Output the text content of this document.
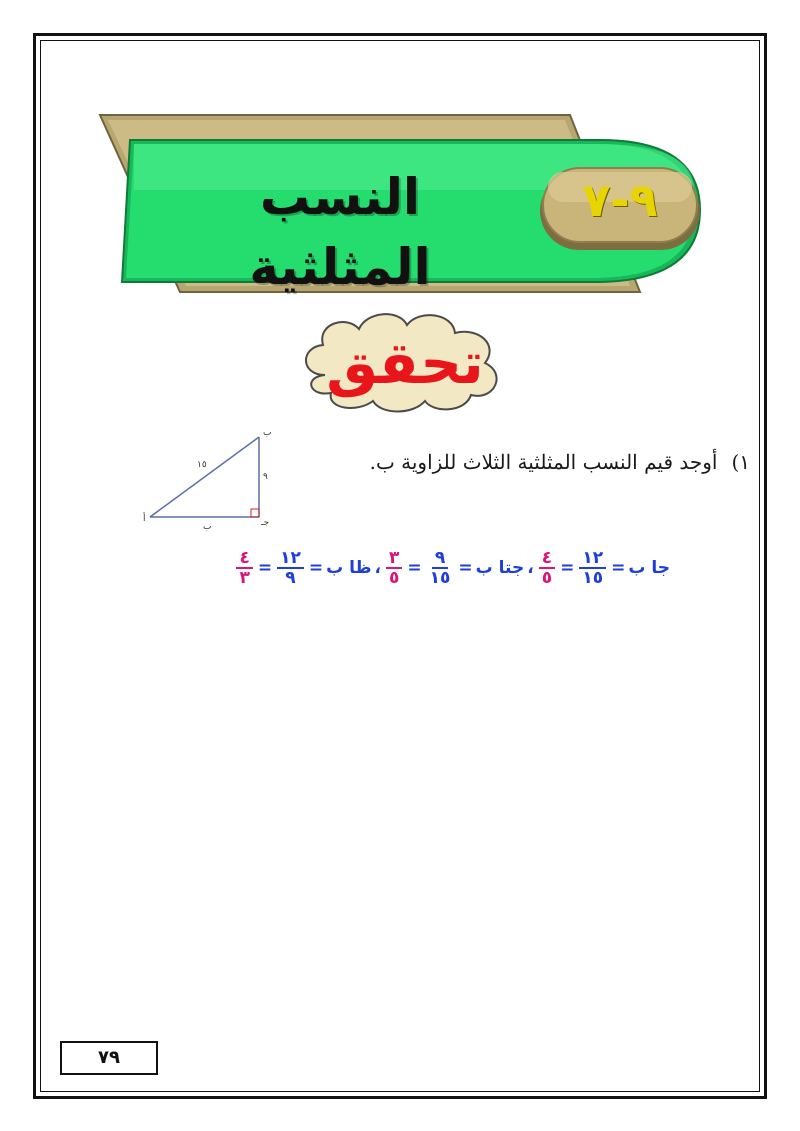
النسب المثلثية
٩-٧
تحقق
١)أوجد قيم النسب المثلثية الثلاث للزاوية ب.
ب
أ	جـ
١٥
٩
ب
جا ب
=
$\frac{١٢}{١٥}$
=
$\frac{٤}{٥}$
،
جتا ب
=
$\frac{٩}{١٥}$
=
$\frac{٣}{٥}$
،
ظا ب
=
$\frac{١٢}{٩}$
=
$\frac{٤}{٣}$
٧٩
